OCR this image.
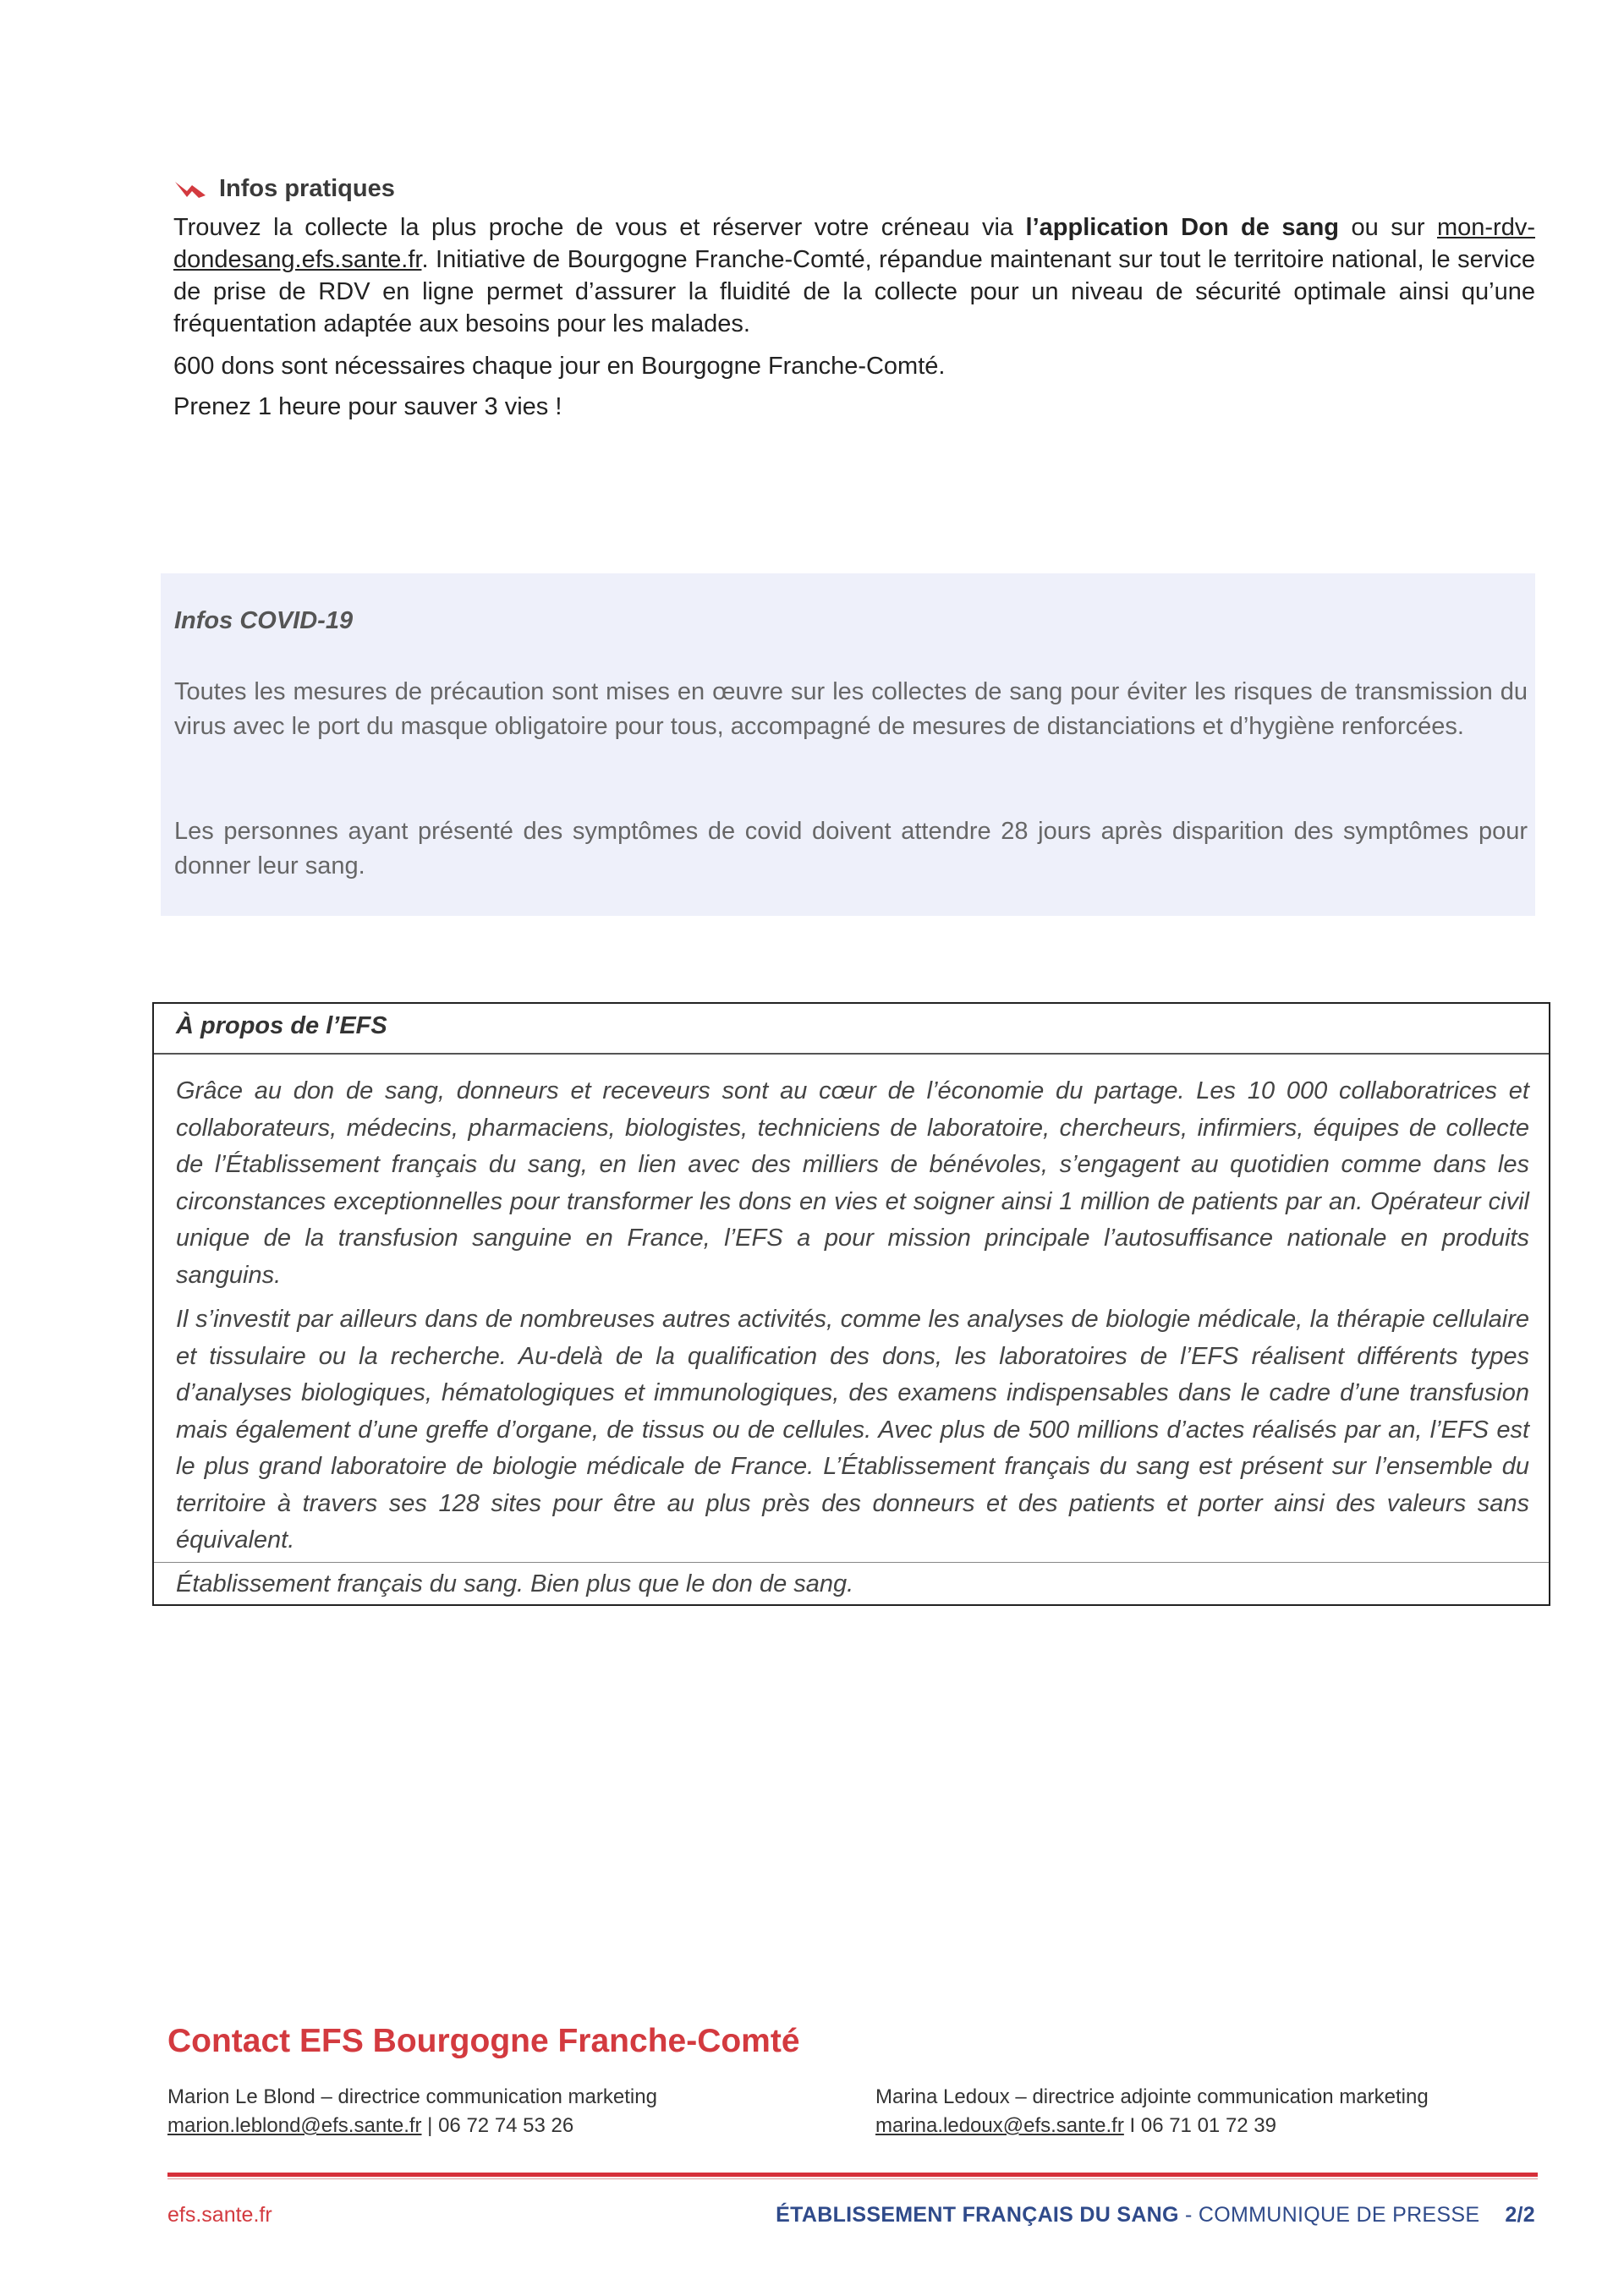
Infos pratiques

Trouvez la collecte la plus proche de vous et réserver votre créneau via l’application Don de sang ou sur mon-rdv-dondesang.efs.sante.fr. Initiative de Bourgogne Franche-Comté, répandue maintenant sur tout le territoire national, le service de prise de RDV en ligne permet d’assurer la fluidité de la collecte pour un niveau de sécurité optimale ainsi qu’une fréquentation adaptée aux besoins pour les malades.

600 dons sont nécessaires chaque jour en Bourgogne Franche-Comté.

Prenez 1 heure pour sauver 3 vies !

Infos COVID-19

Toutes les mesures de précaution sont mises en œuvre sur les collectes de sang pour éviter les risques de transmission du virus avec le port du masque obligatoire pour tous, accompagné de mesures de distanciations et d’hygiène renforcées.

Les personnes ayant présenté des symptômes de covid doivent attendre 28 jours après disparition des symptômes pour donner leur sang.

À propos de l’EFS

Grâce au don de sang, donneurs et receveurs sont au cœur de l’économie du partage. Les 10 000 collaboratrices et collaborateurs, médecins, pharmaciens, biologistes, techniciens de laboratoire, chercheurs, infirmiers, équipes de collecte de l’Établissement français du sang, en lien avec des milliers de bénévoles, s’engagent au quotidien comme dans les circonstances exceptionnelles pour transformer les dons en vies et soigner ainsi 1 million de patients par an. Opérateur civil unique de la transfusion sanguine en France, l’EFS a pour mission principale l’autosuffisance nationale en produits sanguins.

Il s’investit par ailleurs dans de nombreuses autres activités, comme les analyses de biologie médicale, la thérapie cellulaire et tissulaire ou la recherche. Au-delà de la qualification des dons, les laboratoires de l’EFS réalisent différents types d’analyses biologiques, hématologiques et immunologiques, des examens indispensables dans le cadre d’une transfusion mais également d’une greffe d’organe, de tissus ou de cellules. Avec plus de 500 millions d’actes réalisés par an, l’EFS est le plus grand laboratoire de biologie médicale de France. L’Établissement français du sang est présent sur l’ensemble du territoire à travers ses 128 sites pour être au plus près des donneurs et des patients et porter ainsi des valeurs sans équivalent.

Établissement français du sang. Bien plus que le don de sang.

Contact EFS Bourgogne Franche-Comté
Marion Le Blond – directrice communication marketing
marion.leblond@efs.sante.fr | 06 72 74 53 26
Marina Ledoux – directrice adjointe communication marketing
marina.ledoux@efs.sante.fr I 06 71 01 72 39
efs.sante.fr	ÉTABLISSEMENT FRANÇAIS DU SANG - COMMUNIQUE DE PRESSE 2/2
